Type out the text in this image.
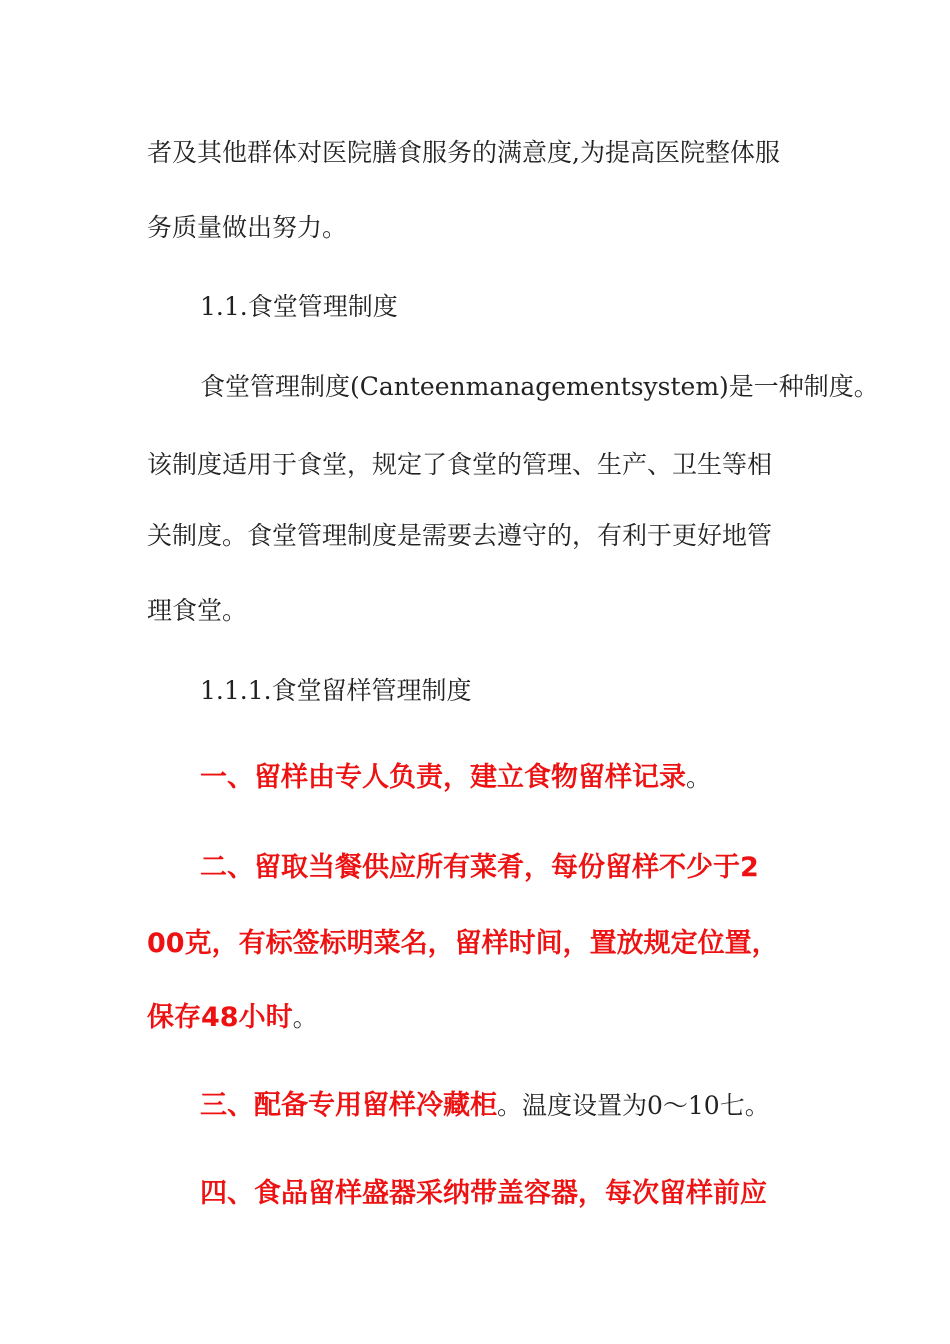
者及其他群体对医院膳食服务的满意度,为提高医院整体服

务质量做出努力。

1.1.食堂管理制度

食堂管理制度(Canteenmanagementsystem)是一种制度。

该制度适用于食堂，规定了食堂的管理、生产、卫生等相

关制度。食堂管理制度是需要去遵守的，有利于更好地管

理食堂。

1.1.1.食堂留样管理制度

一、留样由专人负责，建立食物留样记录。

二、留取当餐供应所有菜肴，每份留样不少于2

00克，有标签标明菜名，留样时间，置放规定位置，

保存48小时。

三、配备专用留样冷藏柜。温度设置为0〜10七。

四、食品留样盛器采纳带盖容器，每次留样前应
